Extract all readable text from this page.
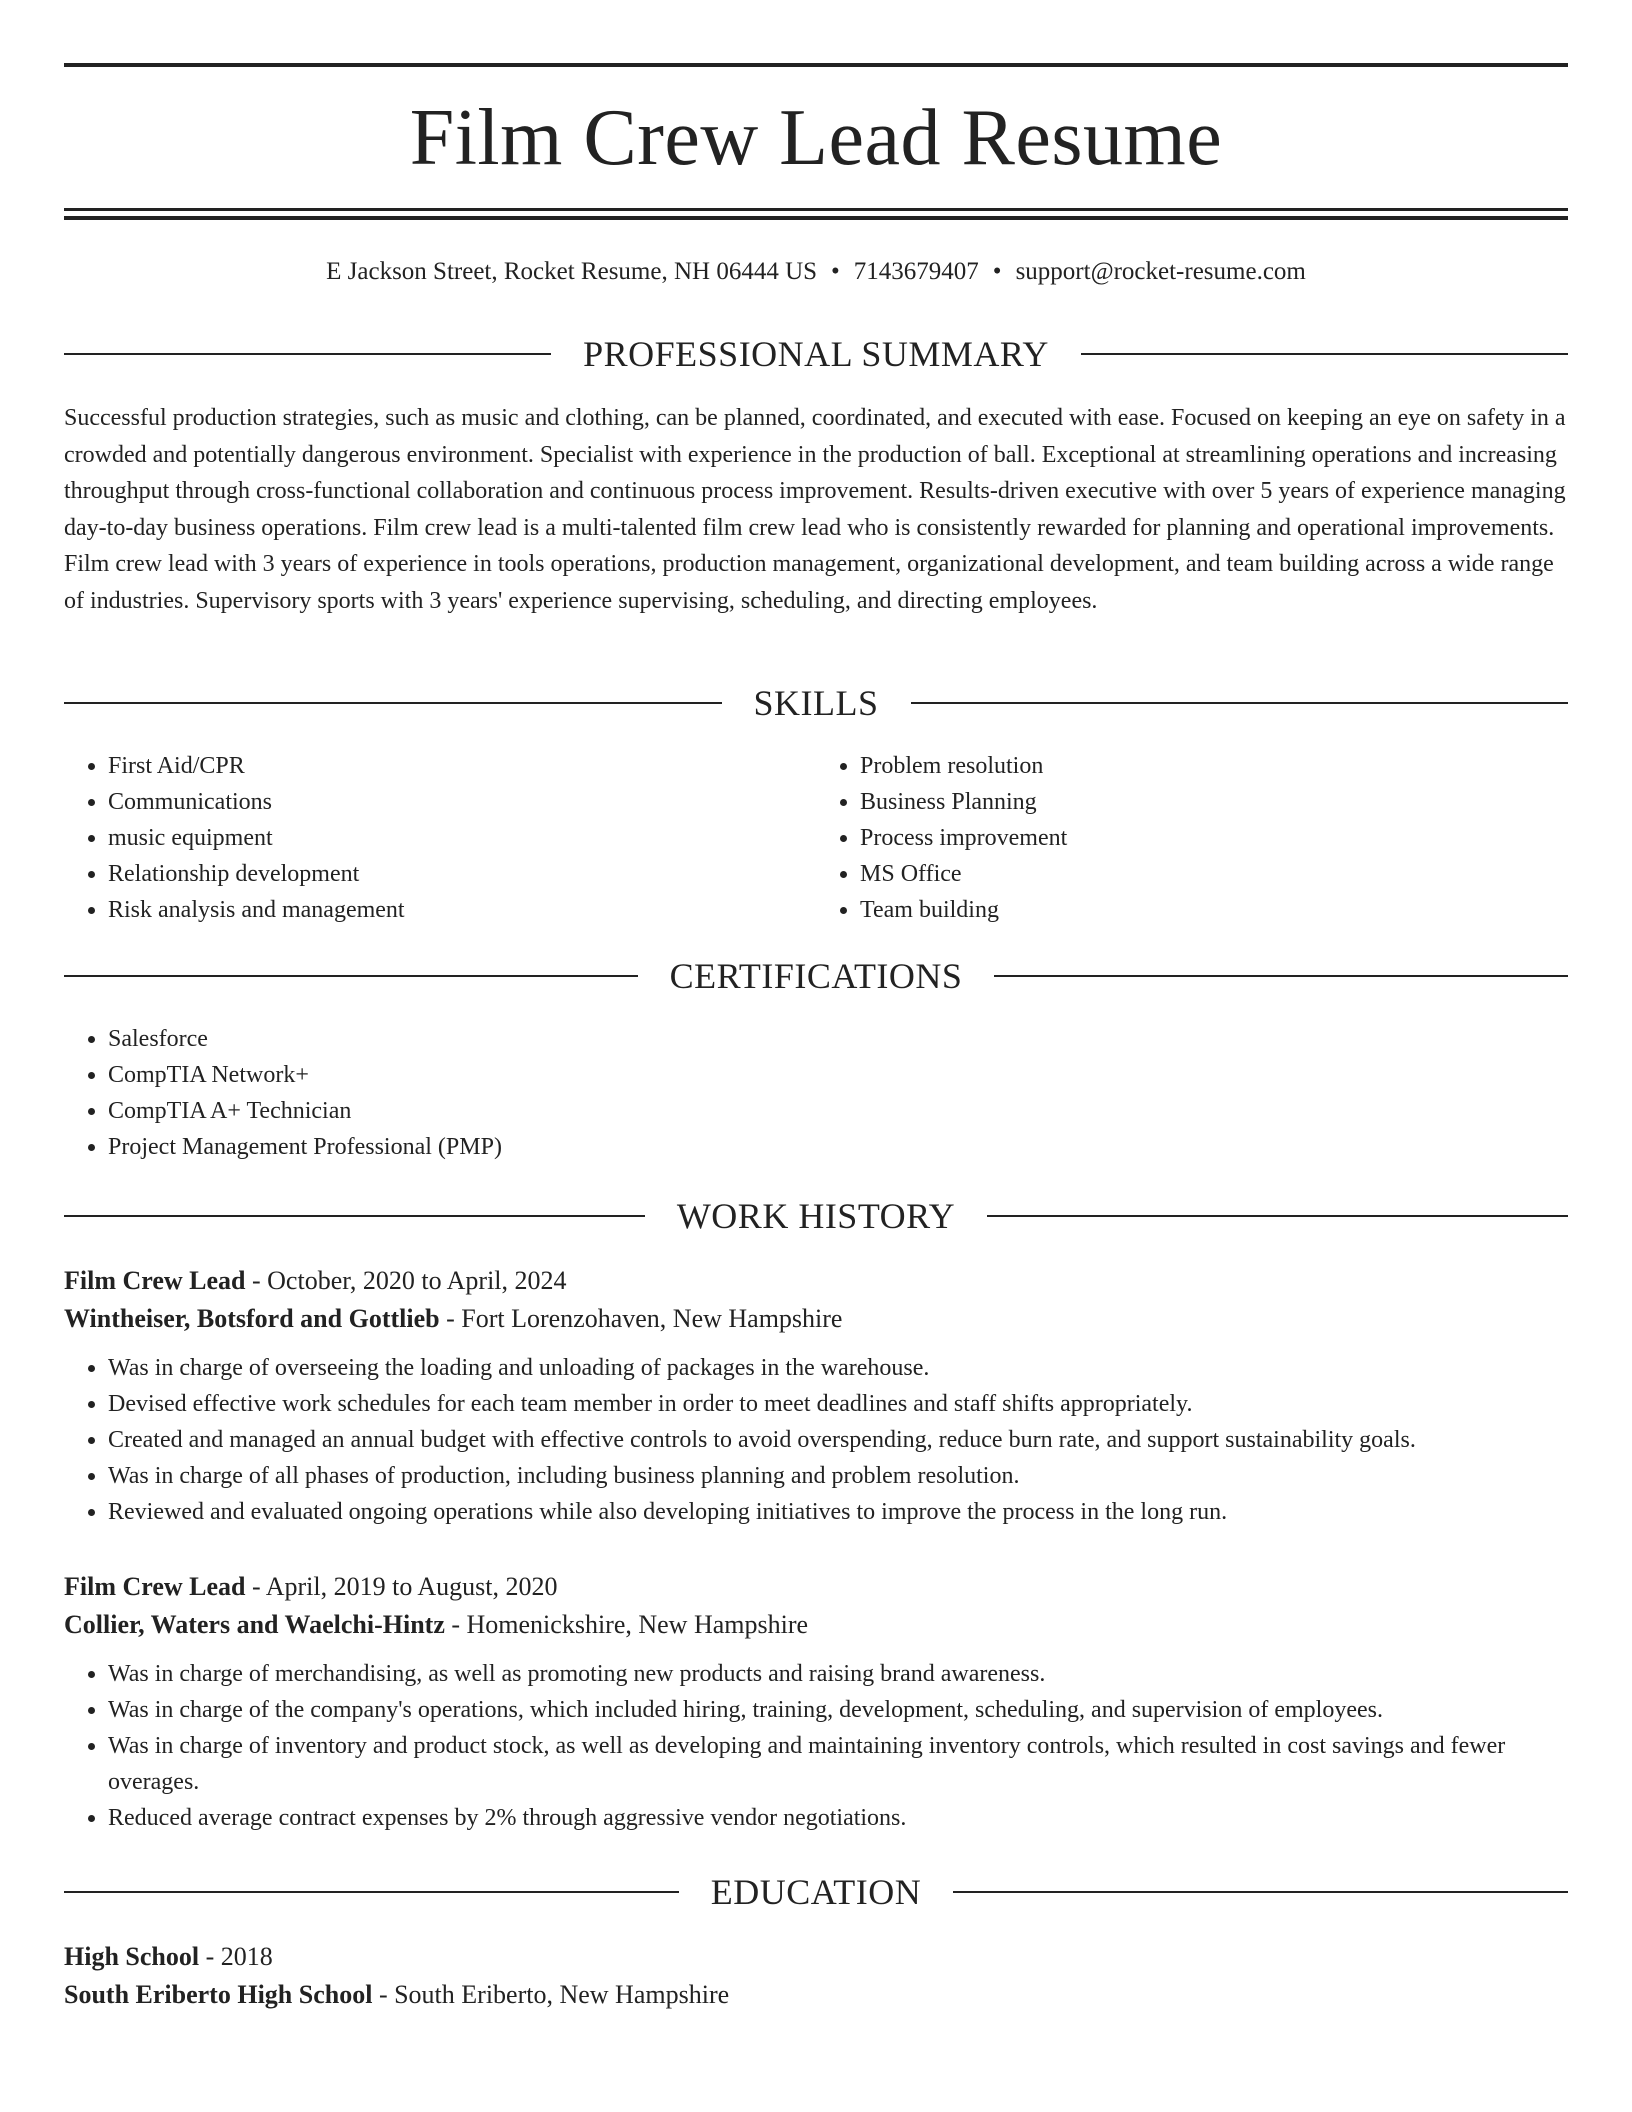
Film Crew Lead Resume
E Jackson Street, Rocket Resume, NH 06444 US • 7143679407 • support@rocket-resume.com
PROFESSIONAL SUMMARY

Successful production strategies, such as music and clothing, can be planned, coordinated, and executed with ease. Focused on keeping an eye on safety in a crowded and potentially dangerous environment. Specialist with experience in the production of ball. Exceptional at streamlining operations and increasing throughput through cross-functional collaboration and continuous process improvement. Results-driven executive with over 5 years of experience managing day-to-day business operations. Film crew lead is a multi-talented film crew lead who is consistently rewarded for planning and operational improvements. Film crew lead with 3 years of experience in tools operations, production management, organizational development, and team building across a wide range of industries. Supervisory sports with 3 years' experience supervising, scheduling, and directing employees.

SKILLS
• First Aid/CPR
• Communications
• music equipment
• Relationship development
• Risk analysis and management
• Problem resolution
• Business Planning
• Process improvement
• MS Office
• Team building
CERTIFICATIONS
• Salesforce
• CompTIA Network+
• CompTIA A+ Technician
• Project Management Professional (PMP)
WORK HISTORY
Film Crew Lead - October, 2020 to April, 2024
Wintheiser, Botsford and Gottlieb - Fort Lorenzohaven, New Hampshire
• Was in charge of overseeing the loading and unloading of packages in the warehouse.
• Devised effective work schedules for each team member in order to meet deadlines and staff shifts appropriately.
• Created and managed an annual budget with effective controls to avoid overspending, reduce burn rate, and support sustainability goals.
• Was in charge of all phases of production, including business planning and problem resolution.
• Reviewed and evaluated ongoing operations while also developing initiatives to improve the process in the long run.
Film Crew Lead - April, 2019 to August, 2020
Collier, Waters and Waelchi-Hintz - Homenickshire, New Hampshire
• Was in charge of merchandising, as well as promoting new products and raising brand awareness.
• Was in charge of the company's operations, which included hiring, training, development, scheduling, and supervision of employees.
• Was in charge of inventory and product stock, as well as developing and maintaining inventory controls, which resulted in cost savings and fewer overages.
• Reduced average contract expenses by 2% through aggressive vendor negotiations.
EDUCATION
High School - 2018
South Eriberto High School - South Eriberto, New Hampshire
